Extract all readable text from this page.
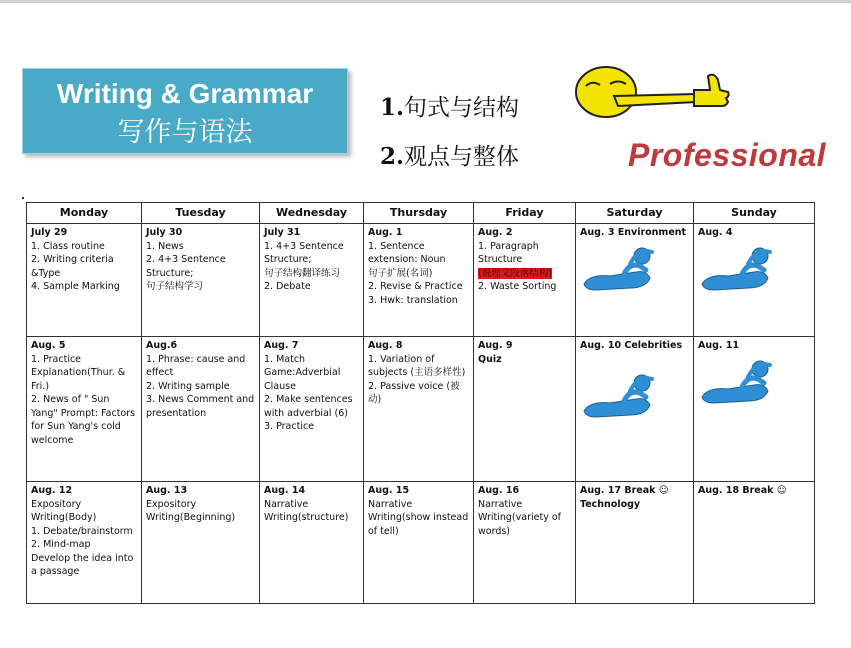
Writing & Grammar
写作与语法
1.句式与结构
2.观点与整体	Professional
Monday	Tuesday	Wednesday	Thursday	Friday	Saturday	Sunday

July 29
1. Class routine
2. Writing criteria &Type
4. Sample Marking	July 30
1. News
2. 4+3 Sentence Structure;
句子结构学习	July 31
1. 4+3 Sentence Structure;
句子结构翻译练习
2. Debate	Aug. 1
1. Sentence extension: Noun
句子扩展(名词)
2. Revise & Practice
3. Hwk: translation	Aug. 2
1. Paragraph Structure
(说理文段落结构)
2. Waste Sorting	Aug. 3 Environment	Aug. 4

Aug. 5
1. Practice Explanation(Thur. & Fri.)
2. News of " Sun Yang" Prompt: Factors for Sun Yang's cold welcome	Aug.6
1. Phrase: cause and effect
2. Writing sample
3. News Comment and presentation	Aug. 7
1. Match Game:Adverbial Clause
2. Make sentences with adverbial (6)
3. Practice	Aug. 8
1. Variation of subjects (主语多样性)
2. Passive voice (被动)	Aug. 9
Quiz	Aug. 10 Celebrities	Aug. 11

Aug. 12
Expository Writing(Body)
1. Debate/brainstorm
2. Mind-map
Develop the idea into a passage	Aug. 13
Expository Writing(Beginning)	Aug. 14
Narrative Writing(structure)	Aug. 15
Narrative Writing(show instead of tell)	Aug. 16
Narrative Writing(variety of words)	Aug. 17 Break ☺
Technology	Aug. 18 Break ☺
